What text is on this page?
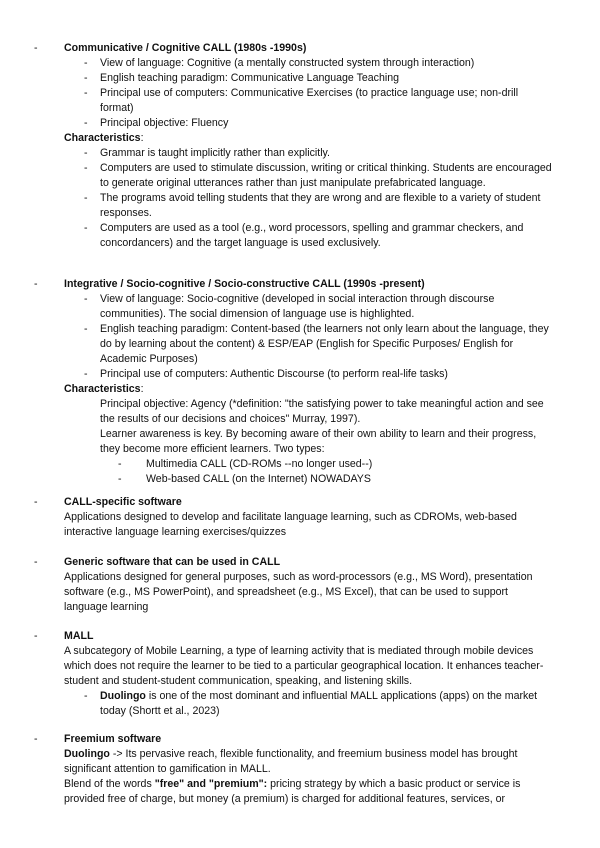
- Communicative / Cognitive CALL (1980s -1990s)
- View of language: Cognitive (a mentally constructed system through interaction)
- English teaching paradigm: Communicative Language Teaching
- Principal use of computers: Communicative Exercises (to practice language use; non-drill format)
- Principal objective: Fluency
Characteristics:
- Grammar is taught implicitly rather than explicitly.
- Computers are used to stimulate discussion, writing or critical thinking. Students are encouraged to generate original utterances rather than just manipulate prefabricated language.
- The programs avoid telling students that they are wrong and are flexible to a variety of student responses.
- Computers are used as a tool (e.g., word processors, spelling and grammar checkers, and concordancers) and the target language is used exclusively.
- Integrative / Socio-cognitive / Socio-constructive CALL (1990s -present)
- View of language: Socio-cognitive (developed in social interaction through discourse communities). The social dimension of language use is highlighted.
- English teaching paradigm: Content-based (the learners not only learn about the language, they do by learning about the content) & ESP/EAP (English for Specific Purposes/ English for Academic Purposes)
- Principal use of computers: Authentic Discourse (to perform real-life tasks)
Characteristics:
Principal objective: Agency (*definition: "the satisfying power to take meaningful action and see the results of our decisions and choices" Murray, 1997).
Learner awareness is key. By becoming aware of their own ability to learn and their progress, they become more efficient learners. Two types:
- Multimedia CALL (CD-ROMs --no longer used--)
- Web-based CALL (on the Internet) NOWADAYS
- CALL-specific software
Applications designed to develop and facilitate language learning, such as CDROMs, web-based interactive language learning exercises/quizzes
- Generic software that can be used in CALL
Applications designed for general purposes, such as word-processors (e.g., MS Word), presentation software (e.g., MS PowerPoint), and spreadsheet (e.g., MS Excel), that can be used to support language learning
- MALL
A subcategory of Mobile Learning, a type of learning activity that is mediated through mobile devices which does not require the learner to be tied to a particular geographical location. It enhances teacher-student and student-student communication, speaking, and listening skills.
- Duolingo is one of the most dominant and influential MALL applications (apps) on the market today (Shortt et al., 2023)
- Freemium software
Duolingo -> Its pervasive reach, flexible functionality, and freemium business model has brought significant attention to gamification in MALL.
Blend of the words "free" and "premium": pricing strategy by which a basic product or service is provided free of charge, but money (a premium) is charged for additional features, services, or
